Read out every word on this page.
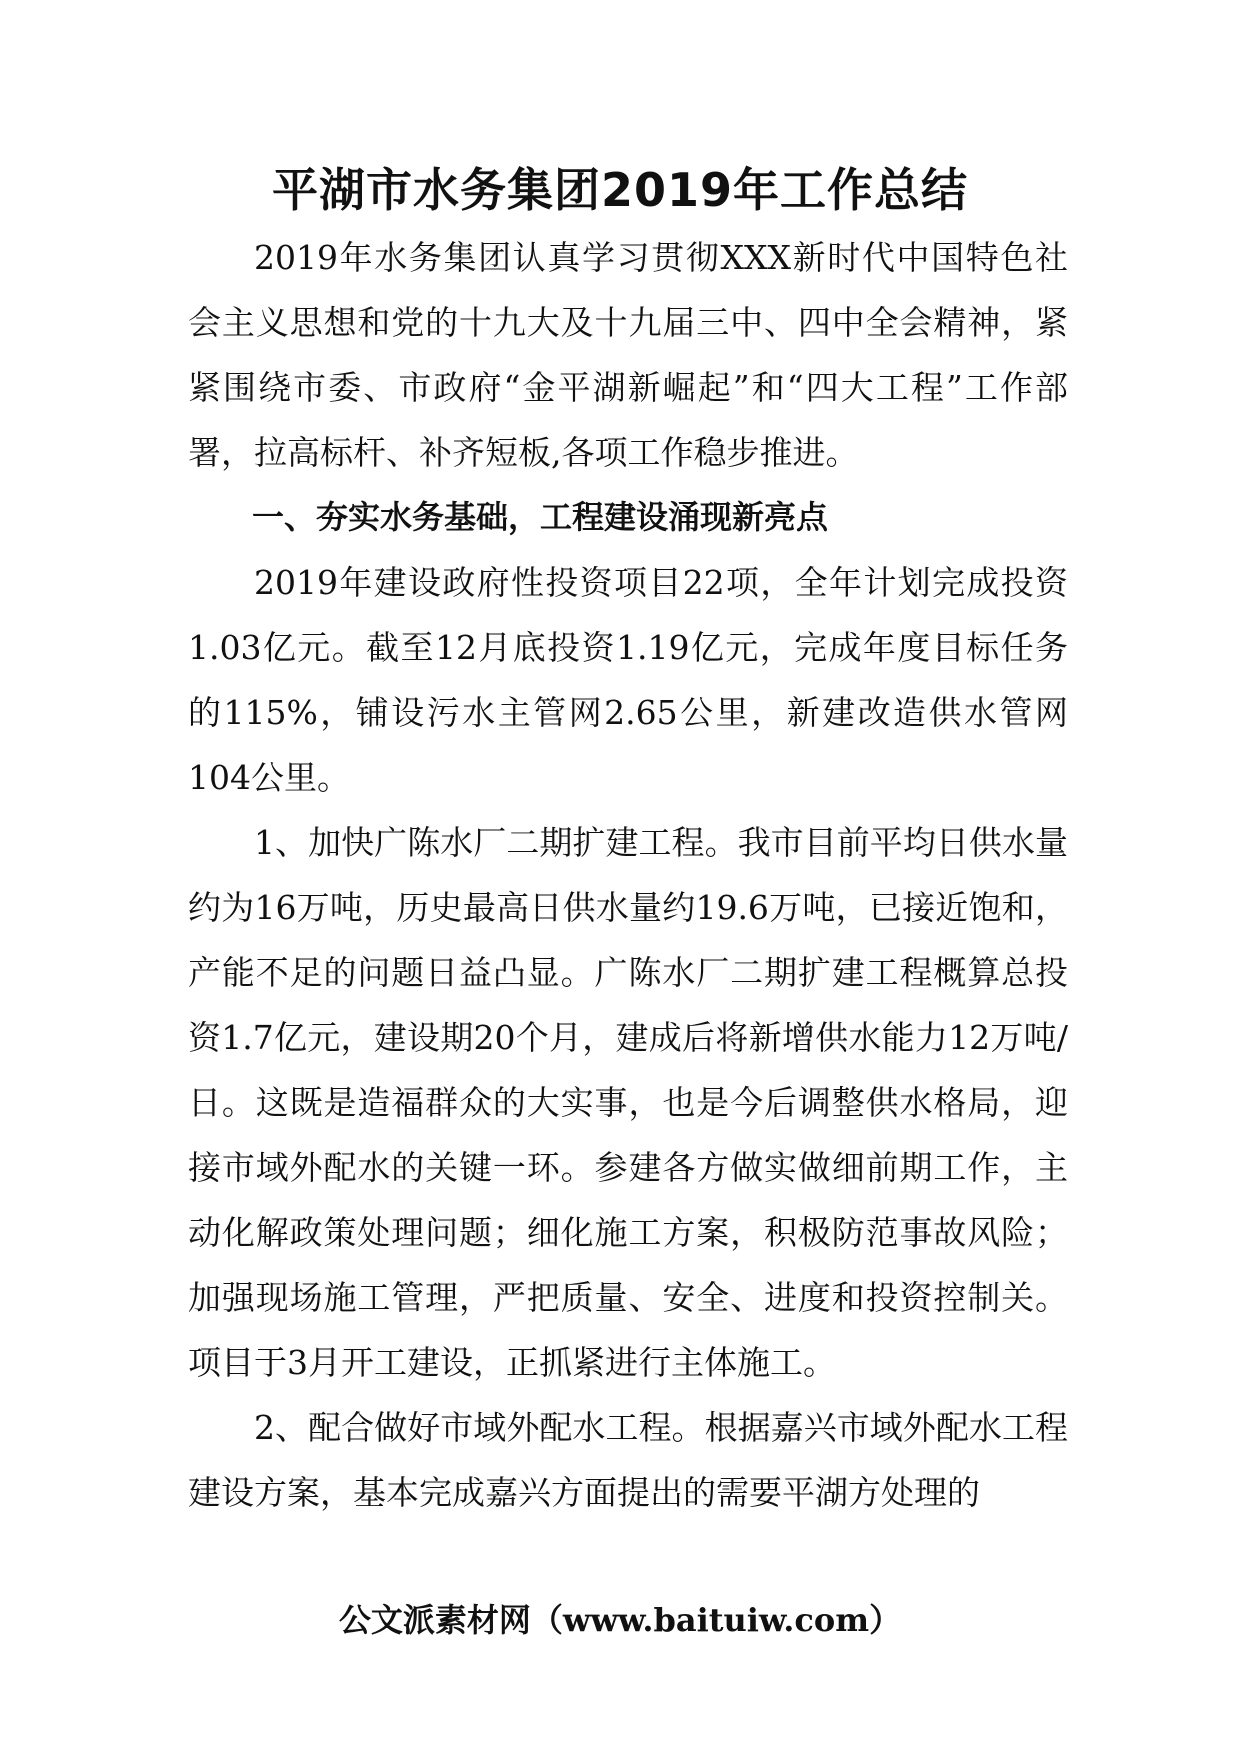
平湖市水务集团2019年工作总结

2019年水务集团认真学习贯彻XXX新时代中国特色社会主义思想和党的十九大及十九届三中、四中全会精神，紧紧围绕市委、市政府“金平湖新崛起”和“四大工程”工作部署，拉高标杆、补齐短板,各项工作稳步推进。

一、夯实水务基础，工程建设涌现新亮点

2019年建设政府性投资项目22项，全年计划完成投资1.03亿元。截至12月底投资1.19亿元，完成年度目标任务的115%，铺设污水主管网2.65公里，新建改造供水管网104公里。

1、加快广陈水厂二期扩建工程。我市目前平均日供水量约为16万吨，历史最高日供水量约19.6万吨，已接近饱和，产能不足的问题日益凸显。广陈水厂二期扩建工程概算总投资1.7亿元，建设期20个月，建成后将新增供水能力12万吨/日。这既是造福群众的大实事，也是今后调整供水格局，迎接市域外配水的关键一环。参建各方做实做细前期工作，主动化解政策处理问题；细化施工方案，积极防范事故风险；加强现场施工管理，严把质量、安全、进度和投资控制关。项目于3月开工建设，正抓紧进行主体施工。

2、配合做好市域外配水工程。根据嘉兴市域外配水工程建设方案，基本完成嘉兴方面提出的需要平湖方处理的

公文派素材网（www.baituiw.com）
